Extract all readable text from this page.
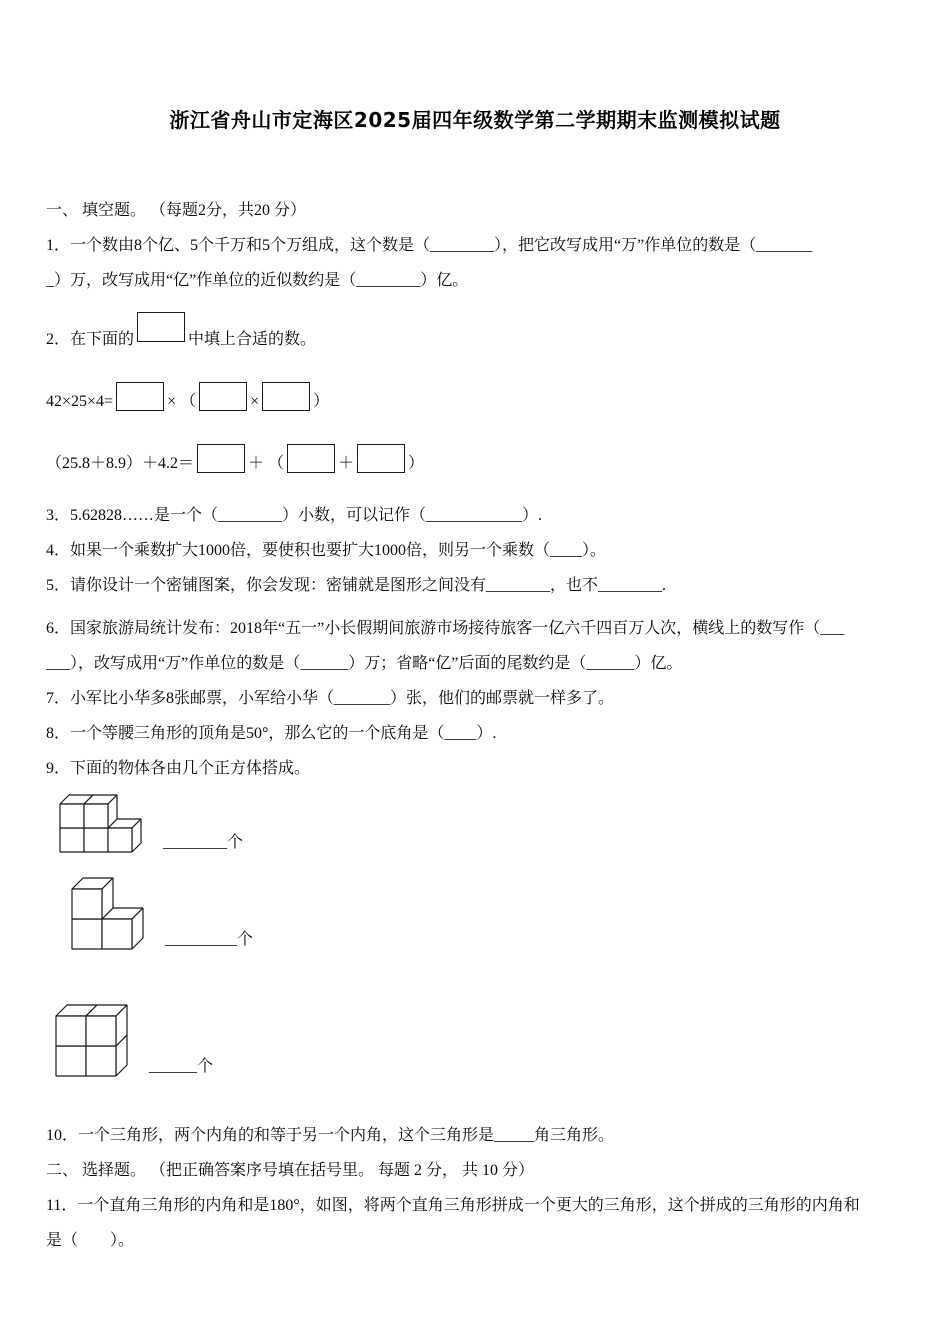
浙江省舟山市定海区2025届四年级数学第二学期期末监测模拟试题

一、 填空题。 （每题2分，共20 分）

1．一个数由8个亿、5个千万和5个万组成，这个数是（________），把它改写成用“万”作单位的数是（_______

_）万，改写成用“亿”作单位的近似数约是（________）亿。

2．在下面的	中填上合适的数。

42×25×4=	× （	×	）

（25.8＋8.9）＋4.2＝	＋ （	＋	）

3．5.62828……是一个（________）小数，可以记作（____________）.

4．如果一个乘数扩大1000倍，要使积也要扩大1000倍，则另一个乘数（____）。

5．请你设计一个密铺图案，你会发现：密铺就是图形之间没有________，也不________.

6．国家旅游局统计发布：2018年“五一”小长假期间旅游市场接待旅客一亿六千四百万人次，横线上的数写作（___

___），改写成用“万”作单位的数是（______）万；省略“亿”后面的尾数约是（______）亿。

7．小军比小华多8张邮票，小军给小华（_______）张，他们的邮票就一样多了。

8．一个等腰三角形的顶角是50°，那么它的一个底角是（____）.

9．下面的物体各由几个正方体搭成。

________个
_________个
______个

10．一个三角形，两个内角的和等于另一个内角，这个三角形是_____角三角形。

二、 选择题。 （把正确答案序号填在括号里。 每题 2 分， 共 10 分）

11．一个直角三角形的内角和是180°，如图，将两个直角三角形拼成一个更大的三角形，这个拼成的三角形的内角和

是（　　）。
